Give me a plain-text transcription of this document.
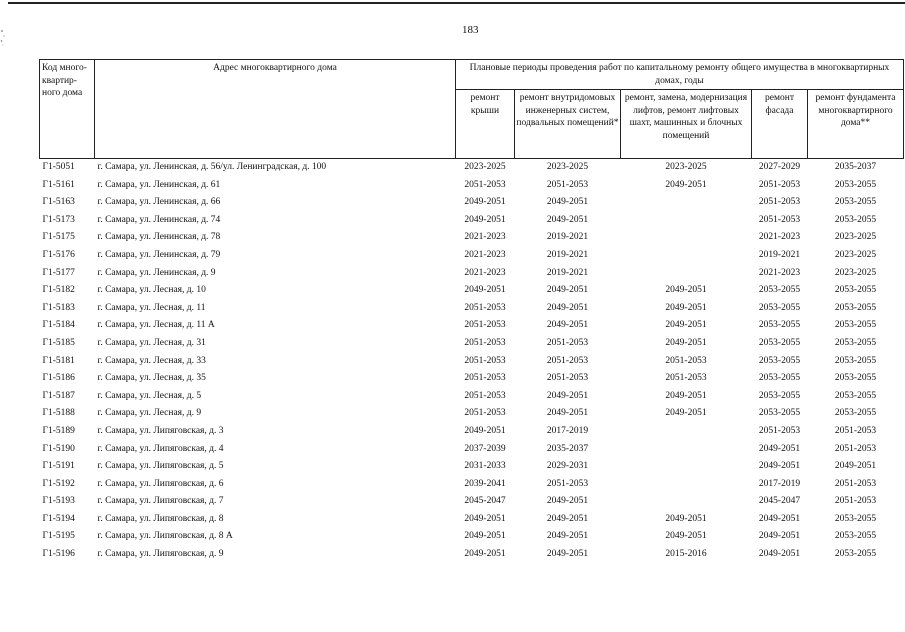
183
Код много-квартир-ного дома	Адрес многоквартирного дома	Плановые периоды проведения работ по капитальному ремонту общего имущества в многоквартирных домах, годы				
		ремонт крыши	ремонт внутридомовых инженерных систем, подвальных помещений*	ремонт, замена, модернизация лифтов, ремонт лифтовых шахт, машинных и блочных помещений	ремонт фасада	ремонт фундамента многоквартирного дома**
Г1-5051	г. Самара, ул. Ленинская, д. 56/ул. Ленинградская, д. 100	2023-2025	2023-2025	2023-2025	2027-2029	2035-2037
Г1-5161	г. Самара, ул. Ленинская, д. 61	2051-2053	2051-2053	2049-2051	2051-2053	2053-2055
Г1-5163	г. Самара, ул. Ленинская, д. 66	2049-2051	2049-2051		2051-2053	2053-2055
Г1-5173	г. Самара, ул. Ленинская, д. 74	2049-2051	2049-2051		2051-2053	2053-2055
Г1-5175	г. Самара, ул. Ленинская, д. 78	2021-2023	2019-2021		2021-2023	2023-2025
Г1-5176	г. Самара, ул. Ленинская, д. 79	2021-2023	2019-2021		2019-2021	2023-2025
Г1-5177	г. Самара, ул. Ленинская, д. 9	2021-2023	2019-2021		2021-2023	2023-2025
Г1-5182	г. Самара, ул. Лесная, д. 10	2049-2051	2049-2051	2049-2051	2053-2055	2053-2055
Г1-5183	г. Самара, ул. Лесная, д. 11	2051-2053	2049-2051	2049-2051	2053-2055	2053-2055
Г1-5184	г. Самара, ул. Лесная, д. 11 А	2051-2053	2049-2051	2049-2051	2053-2055	2053-2055
Г1-5185	г. Самара, ул. Лесная, д. 31	2051-2053	2051-2053	2049-2051	2053-2055	2053-2055
Г1-5181	г. Самара, ул. Лесная, д. 33	2051-2053	2051-2053	2051-2053	2053-2055	2053-2055
Г1-5186	г. Самара, ул. Лесная, д. 35	2051-2053	2051-2053	2051-2053	2053-2055	2053-2055
Г1-5187	г. Самара, ул. Лесная, д. 5	2051-2053	2049-2051	2049-2051	2053-2055	2053-2055
Г1-5188	г. Самара, ул. Лесная, д. 9	2051-2053	2049-2051	2049-2051	2053-2055	2053-2055
Г1-5189	г. Самара, ул. Липяговская, д. 3	2049-2051	2017-2019		2051-2053	2051-2053
Г1-5190	г. Самара, ул. Липяговская, д. 4	2037-2039	2035-2037		2049-2051	2051-2053
Г1-5191	г. Самара, ул. Липяговская, д. 5	2031-2033	2029-2031		2049-2051	2049-2051
Г1-5192	г. Самара, ул. Липяговская, д. 6	2039-2041	2051-2053		2017-2019	2051-2053
Г1-5193	г. Самара, ул. Липяговская, д. 7	2045-2047	2049-2051		2045-2047	2051-2053
Г1-5194	г. Самара, ул. Липяговская, д. 8	2049-2051	2049-2051	2049-2051	2049-2051	2053-2055
Г1-5195	г. Самара, ул. Липяговская, д. 8 А	2049-2051	2049-2051	2049-2051	2049-2051	2053-2055
Г1-5196	г. Самара, ул. Липяговская, д. 9	2049-2051	2049-2051	2015-2016	2049-2051	2053-2055
